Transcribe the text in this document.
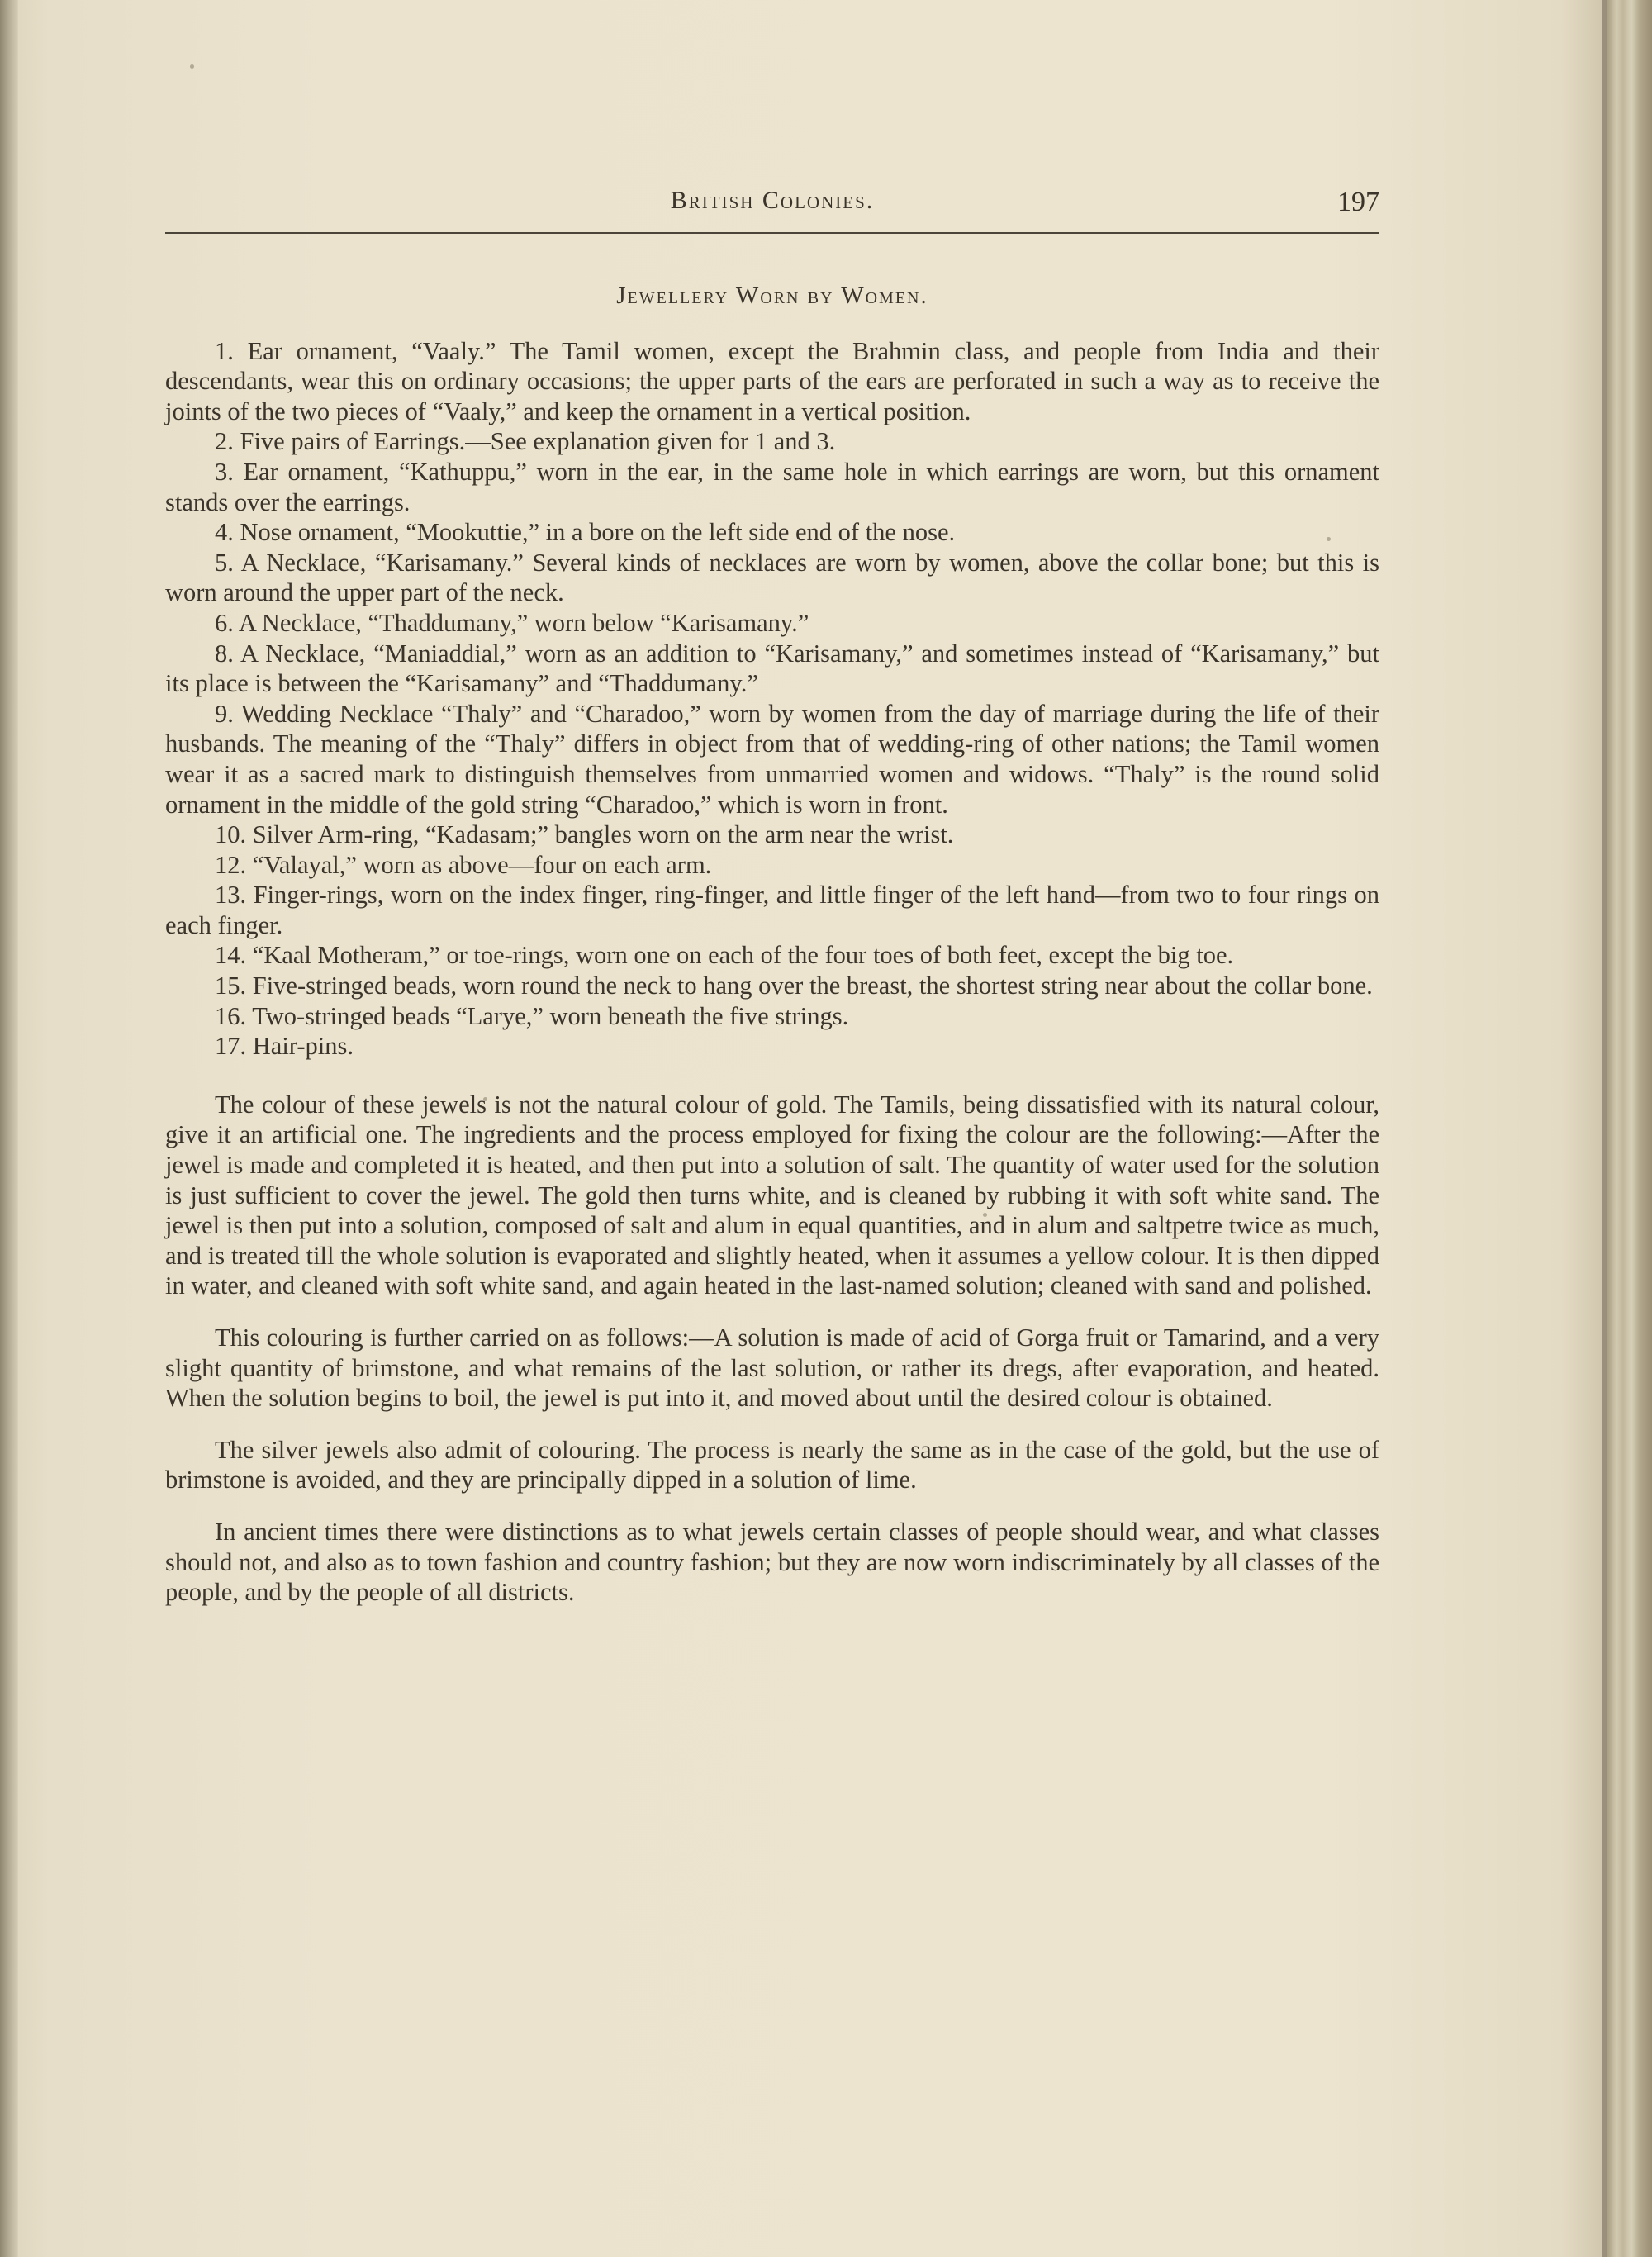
British Colonies.	197
Jewellery Worn by Women.

1. Ear ornament, “Vaaly.” The Tamil women, except the Brahmin class, and people from India and their descendants, wear this on ordinary occasions; the upper parts of the ears are perforated in such a way as to receive the joints of the two pieces of “Vaaly,” and keep the ornament in a vertical position.

2. Five pairs of Earrings.—See explanation given for 1 and 3.

3. Ear ornament, “Kathuppu,” worn in the ear, in the same hole in which earrings are worn, but this ornament stands over the earrings.

4. Nose ornament, “Mookuttie,” in a bore on the left side end of the nose.

5. A Necklace, “Karisamany.” Several kinds of necklaces are worn by women, above the collar bone; but this is worn around the upper part of the neck.

6. A Necklace, “Thaddumany,” worn below “Karisamany.”

8. A Necklace, “Maniaddial,” worn as an addition to “Karisamany,” and sometimes instead of “Karisamany,” but its place is between the “Karisamany” and “Thaddumany.”

9. Wedding Necklace “Thaly” and “Charadoo,” worn by women from the day of marriage during the life of their husbands. The meaning of the “Thaly” differs in object from that of wedding-ring of other nations; the Tamil women wear it as a sacred mark to distinguish themselves from unmarried women and widows. “Thaly” is the round solid ornament in the middle of the gold string “Charadoo,” which is worn in front.

10. Silver Arm-ring, “Kadasam;” bangles worn on the arm near the wrist.

12. “Valayal,” worn as above—four on each arm.

13. Finger-rings, worn on the index finger, ring-finger, and little finger of the left hand—from two to four rings on each finger.

14. “Kaal Motheram,” or toe-rings, worn one on each of the four toes of both feet, except the big toe.

15. Five-stringed beads, worn round the neck to hang over the breast, the shortest string near about the collar bone.

16. Two-stringed beads “Larye,” worn beneath the five strings.

17. Hair-pins.

The colour of these jewels is not the natural colour of gold. The Tamils, being dissatisfied with its natural colour, give it an artificial one. The ingredients and the process employed for fixing the colour are the following:—After the jewel is made and completed it is heated, and then put into a solution of salt. The quantity of water used for the solution is just sufficient to cover the jewel. The gold then turns white, and is cleaned by rubbing it with soft white sand. The jewel is then put into a solution, composed of salt and alum in equal quantities, and in alum and saltpetre twice as much, and is treated till the whole solution is evaporated and slightly heated, when it assumes a yellow colour. It is then dipped in water, and cleaned with soft white sand, and again heated in the last-named solution; cleaned with sand and polished.

This colouring is further carried on as follows:—A solution is made of acid of Gorga fruit or Tamarind, and a very slight quantity of brimstone, and what remains of the last solution, or rather its dregs, after evaporation, and heated. When the solution begins to boil, the jewel is put into it, and moved about until the desired colour is obtained.

The silver jewels also admit of colouring. The process is nearly the same as in the case of the gold, but the use of brimstone is avoided, and they are principally dipped in a solution of lime.

In ancient times there were distinctions as to what jewels certain classes of people should wear, and what classes should not, and also as to town fashion and country fashion; but they are now worn indiscriminately by all classes of the people, and by the people of all districts.
